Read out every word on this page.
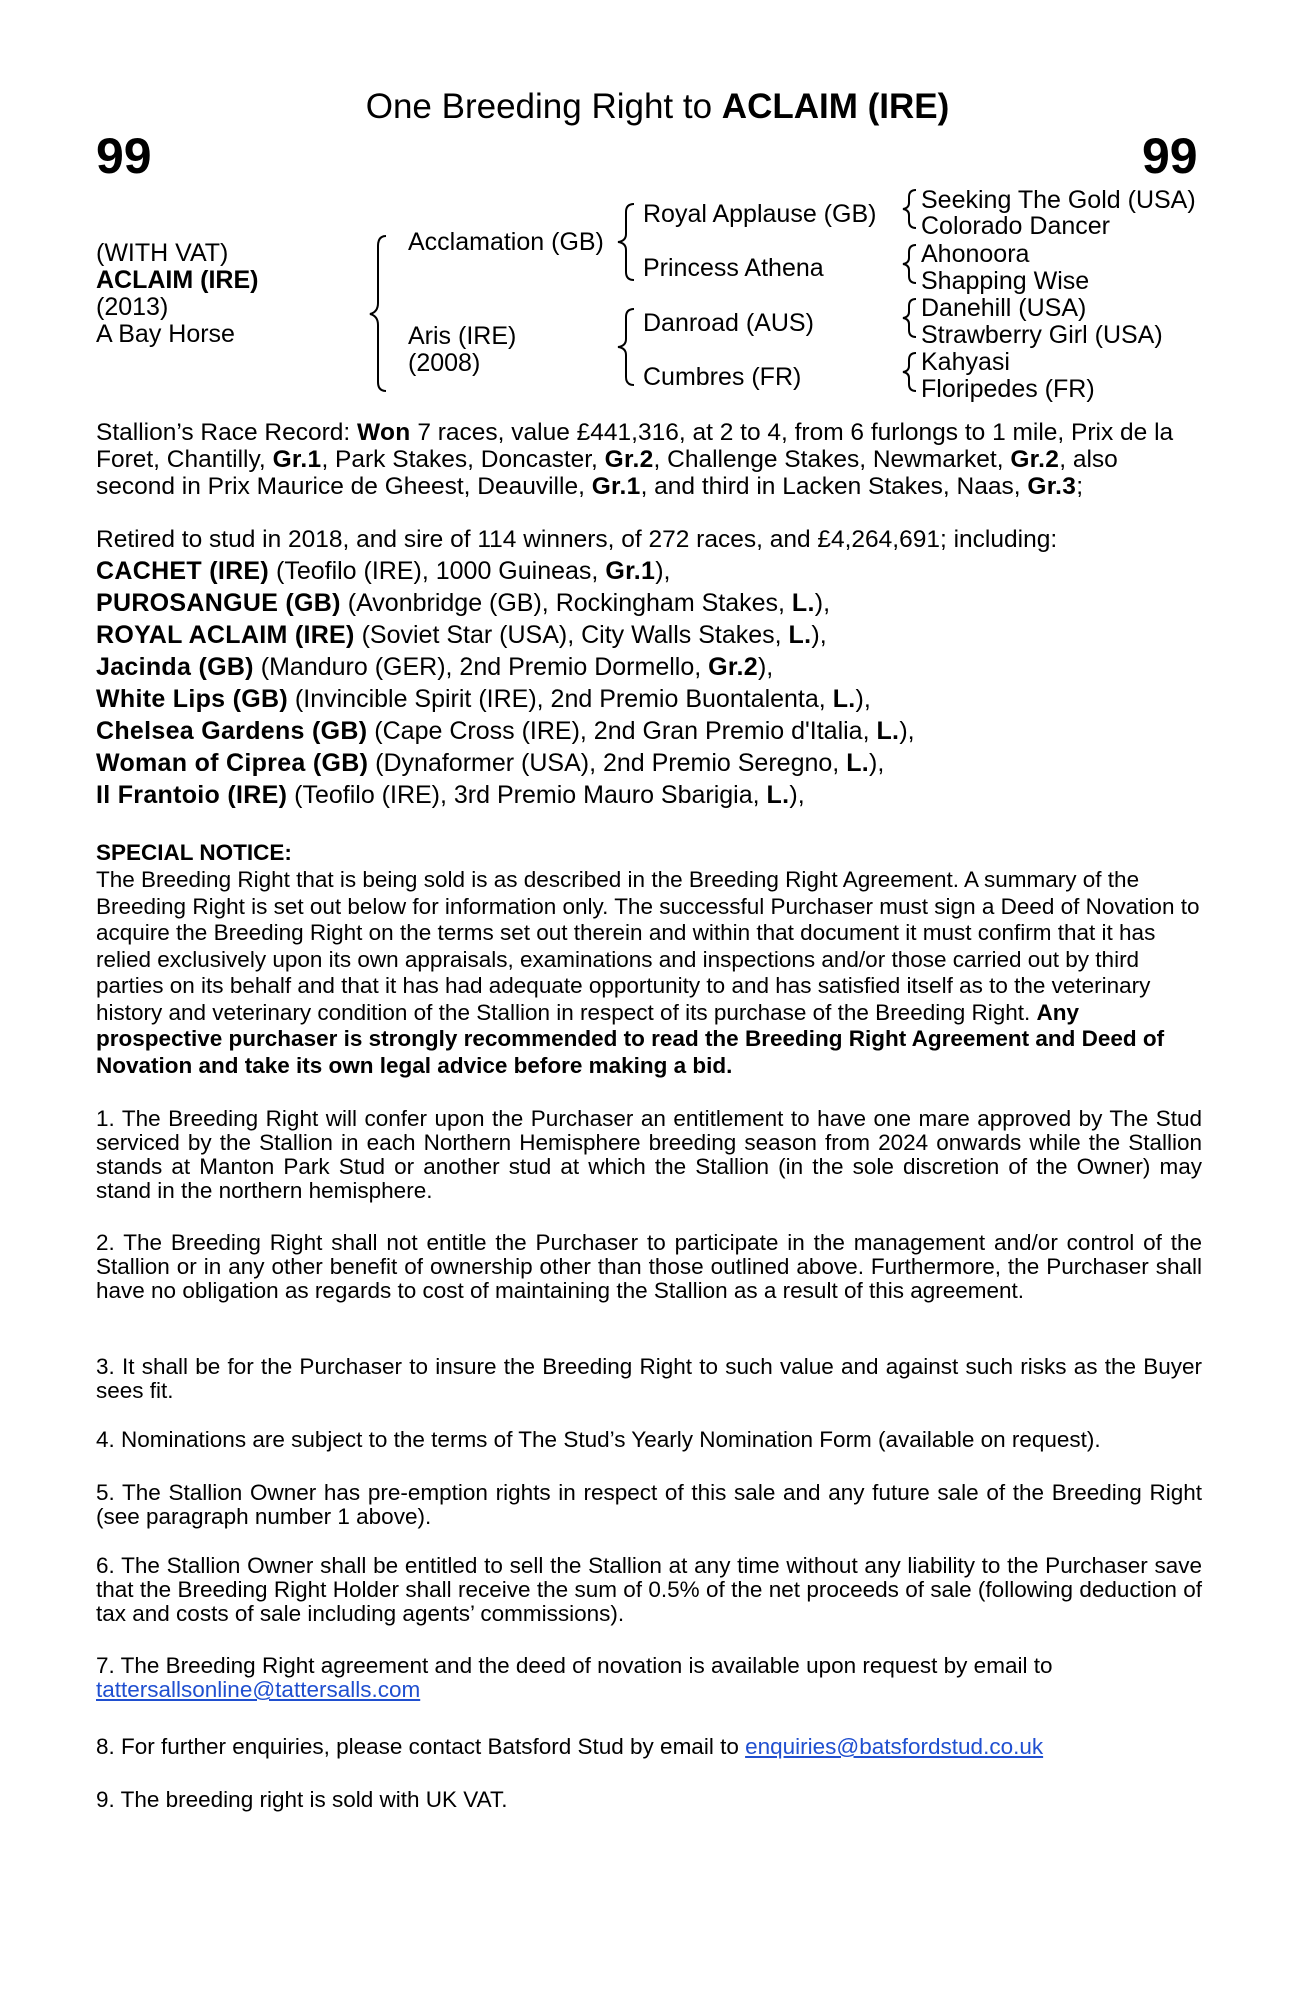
One Breeding Right to ACLAIM (IRE)
99	99
(WITH VAT)
ACLAIM (IRE)
(2013)
A Bay Horse
Acclamation (GB)
Aris (IRE)
(2008)
Royal Applause (GB)
Princess Athena
Danroad (AUS)
Cumbres (FR)
Seeking The Gold (USA)
Colorado Dancer
Ahonoora
Shapping Wise
Danehill (USA)
Strawberry Girl (USA)
Kahyasi
Floripedes (FR)
Stallion’s Race Record: Won 7 races, value £441,316, at 2 to 4, from 6 furlongs to 1 mile, Prix de la Foret, Chantilly, Gr.1, Park Stakes, Doncaster, Gr.2, Challenge Stakes, Newmarket, Gr.2, also second in Prix Maurice de Gheest, Deauville, Gr.1, and third in Lacken Stakes, Naas, Gr.3;
Retired to stud in 2018, and sire of 114 winners, of 272 races, and £4,264,691; including:
CACHET (IRE) (Teofilo (IRE), 1000 Guineas, Gr.1),
PUROSANGUE (GB) (Avonbridge (GB), Rockingham Stakes, L.),
ROYAL ACLAIM (IRE) (Soviet Star (USA), City Walls Stakes, L.),
Jacinda (GB) (Manduro (GER), 2nd Premio Dormello, Gr.2),
White Lips (GB) (Invincible Spirit (IRE), 2nd Premio Buontalenta, L.),
Chelsea Gardens (GB) (Cape Cross (IRE), 2nd Gran Premio d'Italia, L.),
Woman of Ciprea (GB) (Dynaformer (USA), 2nd Premio Seregno, L.),
Il Frantoio (IRE) (Teofilo (IRE), 3rd Premio Mauro Sbarigia, L.),
SPECIAL NOTICE:
The Breeding Right that is being sold is as described in the Breeding Right Agreement. A summary of the Breeding Right is set out below for information only. The successful Purchaser must sign a Deed of Novation to acquire the Breeding Right on the terms set out therein and within that document it must confirm that it has relied exclusively upon its own appraisals, examinations and inspections and/or those carried out by third parties on its behalf and that it has had adequate opportunity to and has satisfied itself as to the veterinary history and veterinary condition of the Stallion in respect of its purchase of the Breeding Right. Any prospective purchaser is strongly recommended to read the Breeding Right Agreement and Deed of Novation and take its own legal advice before making a bid.
1. The Breeding Right will confer upon the Purchaser an entitlement to have one mare approved by The Stud serviced by the Stallion in each Northern Hemisphere breeding season from 2024 onwards while the Stallion stands at Manton Park Stud or another stud at which the Stallion (in the sole discretion of the Owner) may stand in the northern hemisphere.
2. The Breeding Right shall not entitle the Purchaser to participate in the management and/or control of the Stallion or in any other benefit of ownership other than those outlined above. Furthermore, the Purchaser shall have no obligation as regards to cost of maintaining the Stallion as a result of this agreement.
3. It shall be for the Purchaser to insure the Breeding Right to such value and against such risks as the Buyer sees fit.
4. Nominations are subject to the terms of The Stud’s Yearly Nomination Form (available on request).
5. The Stallion Owner has pre-emption rights in respect of this sale and any future sale of the Breeding Right (see paragraph number 1 above).
6. The Stallion Owner shall be entitled to sell the Stallion at any time without any liability to the Purchaser save that the Breeding Right Holder shall receive the sum of 0.5% of the net proceeds of sale (following deduction of tax and costs of sale including agents’ commissions).
7. The Breeding Right agreement and the deed of novation is available upon request by email to
tattersallsonline@tattersalls.com
8. For further enquiries, please contact Batsford Stud by email to enquiries@batsfordstud.co.uk
9. The breeding right is sold with UK VAT.
